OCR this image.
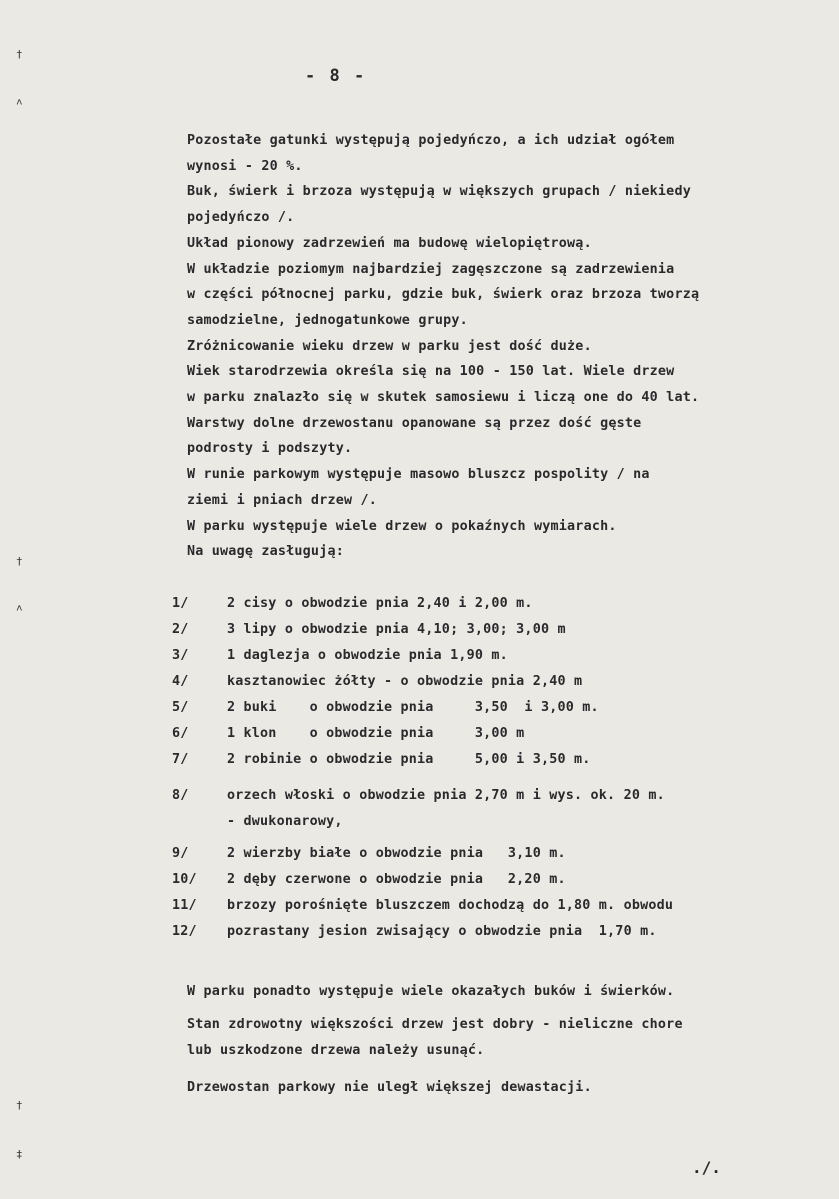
†
˄
†
˄
†
‡
- 8 -
Pozostałe gatunki występują pojedyńczo, a ich udział ogółem
wynosi - 20 %.
Buk, świerk i brzoza występują w większych grupach / niekiedy
pojedyńczo /.
Układ pionowy zadrzewień ma budowę wielopiętrową.
W układzie poziomym najbardziej zagęszczone są zadrzewienia
w części północnej parku, gdzie buk, świerk oraz brzoza tworzą
samodzielne, jednogatunkowe grupy.
Zróżnicowanie wieku drzew w parku jest dość duże.
Wiek starodrzewia określa się na 100 - 150 lat. Wiele drzew
w parku znalazło się w skutek samosiewu i liczą one do 40 lat.
Warstwy dolne drzewostanu opanowane są przez dość gęste
podrosty i podszyty.
W runie parkowym występuje masowo bluszcz pospolity / na
ziemi i pniach drzew /.
W parku występuje wiele drzew o pokaźnych wymiarach.
Na uwagę zasługują:
1/	2 cisy o obwodzie pnia 2,40 i 2,00 m.
2/	3 lipy o obwodzie pnia 4,10; 3,00; 3,00 m
3/	1 daglezja o obwodzie pnia 1,90 m.
4/	kasztanowiec żółty - o obwodzie pnia 2,40 m
5/	2 buki    o obwodzie pnia     3,50  i 3,00 m.
6/	1 klon    o obwodzie pnia     3,00 m
7/	2 robinie o obwodzie pnia     5,00 i 3,50 m.
8/	orzech włoski o obwodzie pnia 2,70 m i wys. ok. 20 m.
- dwukonarowy,
9/	2 wierzby białe o obwodzie pnia   3,10 m.
10/	2 dęby czerwone o obwodzie pnia   2,20 m.
11/	brzozy porośnięte bluszczem dochodzą do 1,80 m. obwodu
12/	pozrastany jesion zwisający o obwodzie pnia  1,70 m.
W parku ponadto występuje wiele okazałych buków i świerków.
Stan zdrowotny większości drzew jest dobry - nieliczne chore
lub uszkodzone drzewa należy usunąć.
Drzewostan parkowy nie uległ większej dewastacji.
./.
